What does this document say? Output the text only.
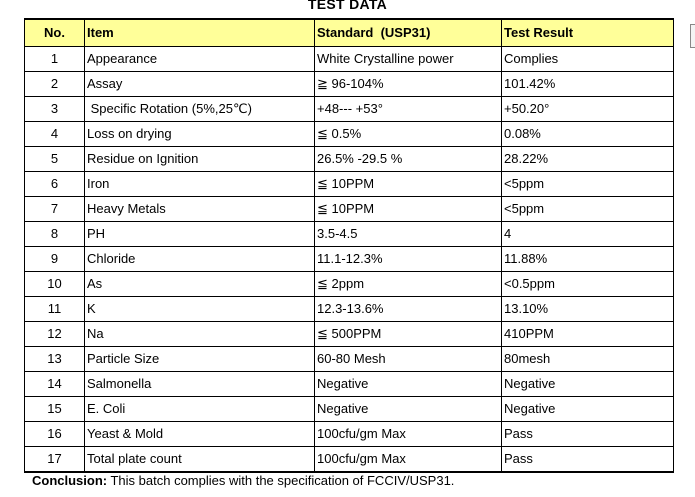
TEST DATA
No.	Item	Standard  (USP31)	Test Result
1	Appearance	White Crystalline power	Complies
2	Assay	≧ 96-104%	101.42%
3	Specific Rotation (5%,25℃)	+48--- +53°	+50.20°
4	Loss on drying	≦ 0.5%	0.08%
5	Residue on Ignition	26.5% -29.5 %	28.22%
6	Iron	≦ 10PPM	<5ppm
7	Heavy Metals	≦ 10PPM	<5ppm
8	PH	3.5-4.5	4
9	Chloride	11.1-12.3%	11.88%
10	As	≦ 2ppm	<0.5ppm
11	K	12.3-13.6%	13.10%
12	Na	≦ 500PPM	410PPM
13	Particle Size	60-80 Mesh	80mesh
14	Salmonella	Negative	Negative
15	E. Coli	Negative	Negative
16	Yeast & Mold	100cfu/gm Max	Pass
17	Total plate count	100cfu/gm Max	Pass
Conclusion: This batch complies with the specification of FCCIV/USP31.
